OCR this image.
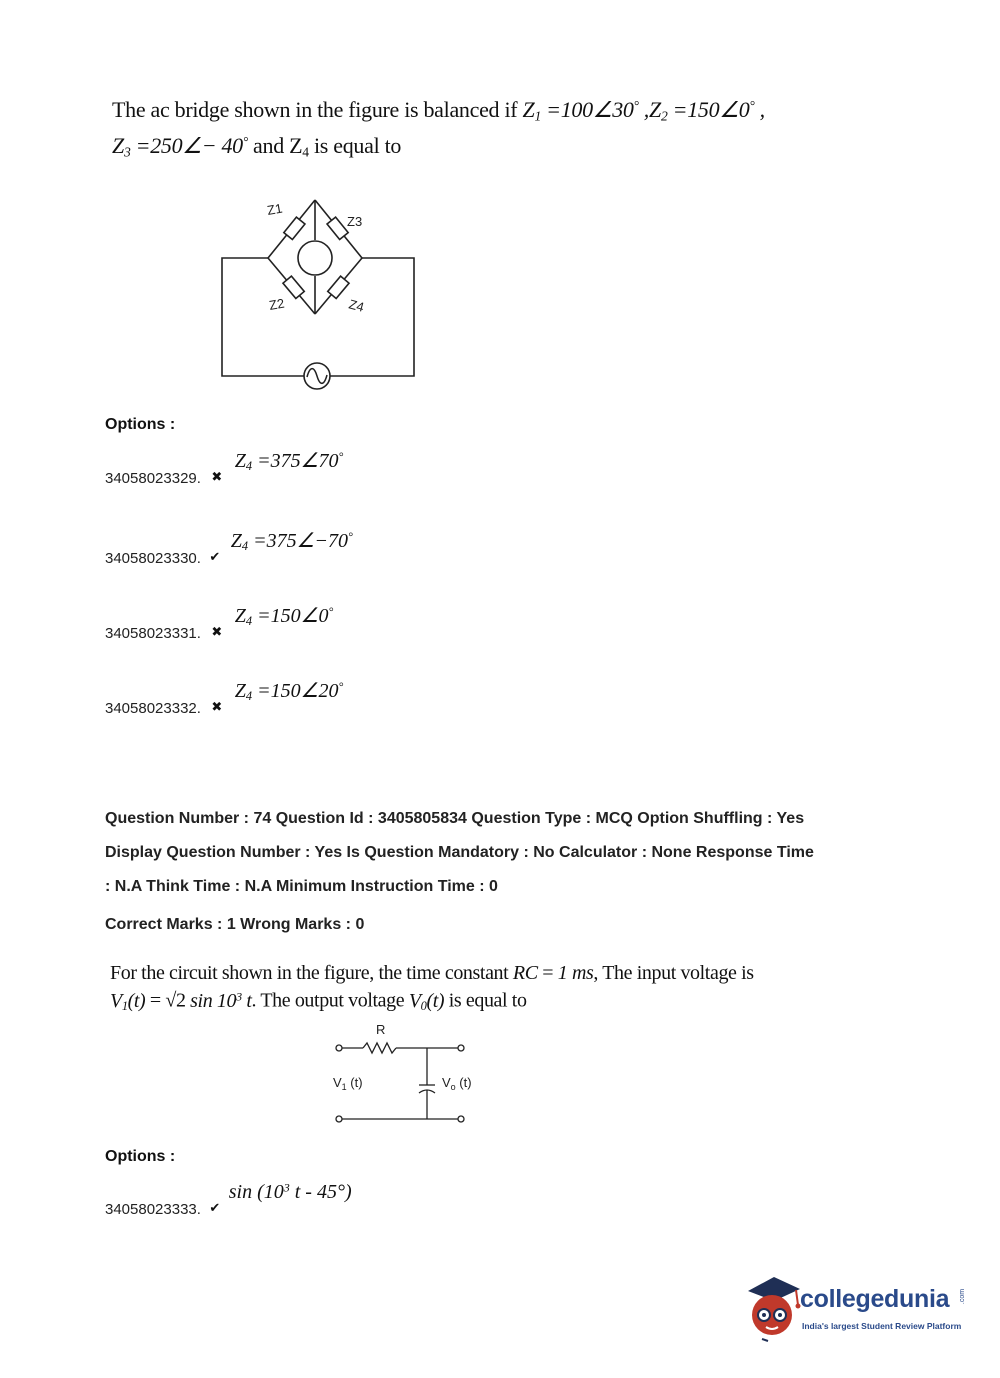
The ac bridge shown in the figure is balanced if $Z_1$ =100∠30° $,Z_2$ =150∠0° ,
$Z_3$ =250∠− 40° and $Z_4$ is equal to
Z1
Z3
Z2	Z4
Options :
34058023329. $_✖$ $Z_4$ =375∠70°
34058023330. $_✔$ $Z_4$ =375∠−70°
34058023331. $_✖$ $Z_4$ =150∠0°
34058023332. $_✖$ $Z_4$ =150∠20°
Question Number : 74 Question Id : 3405805834 Question Type : MCQ Option Shuffling : Yes
Display Question Number : Yes Is Question Mandatory : No Calculator : None Response Time
: N.A Think Time : N.A Minimum Instruction Time : 0
Correct Marks : 1 Wrong Marks : 0
For the circuit shown in the figure, the time constant RC = 1 ms, The input voltage is
$V_1(t) = √2$ $\sin 10^3$ t. The output voltage $V_0(t)$ is equal to
R
$V_1$ (t)	$V_o$ (t)
Options :
34058023333. $_✔$ $\sin (10^3$ t - 45°)
collegedunia .com
India's largest Student Review Platform
